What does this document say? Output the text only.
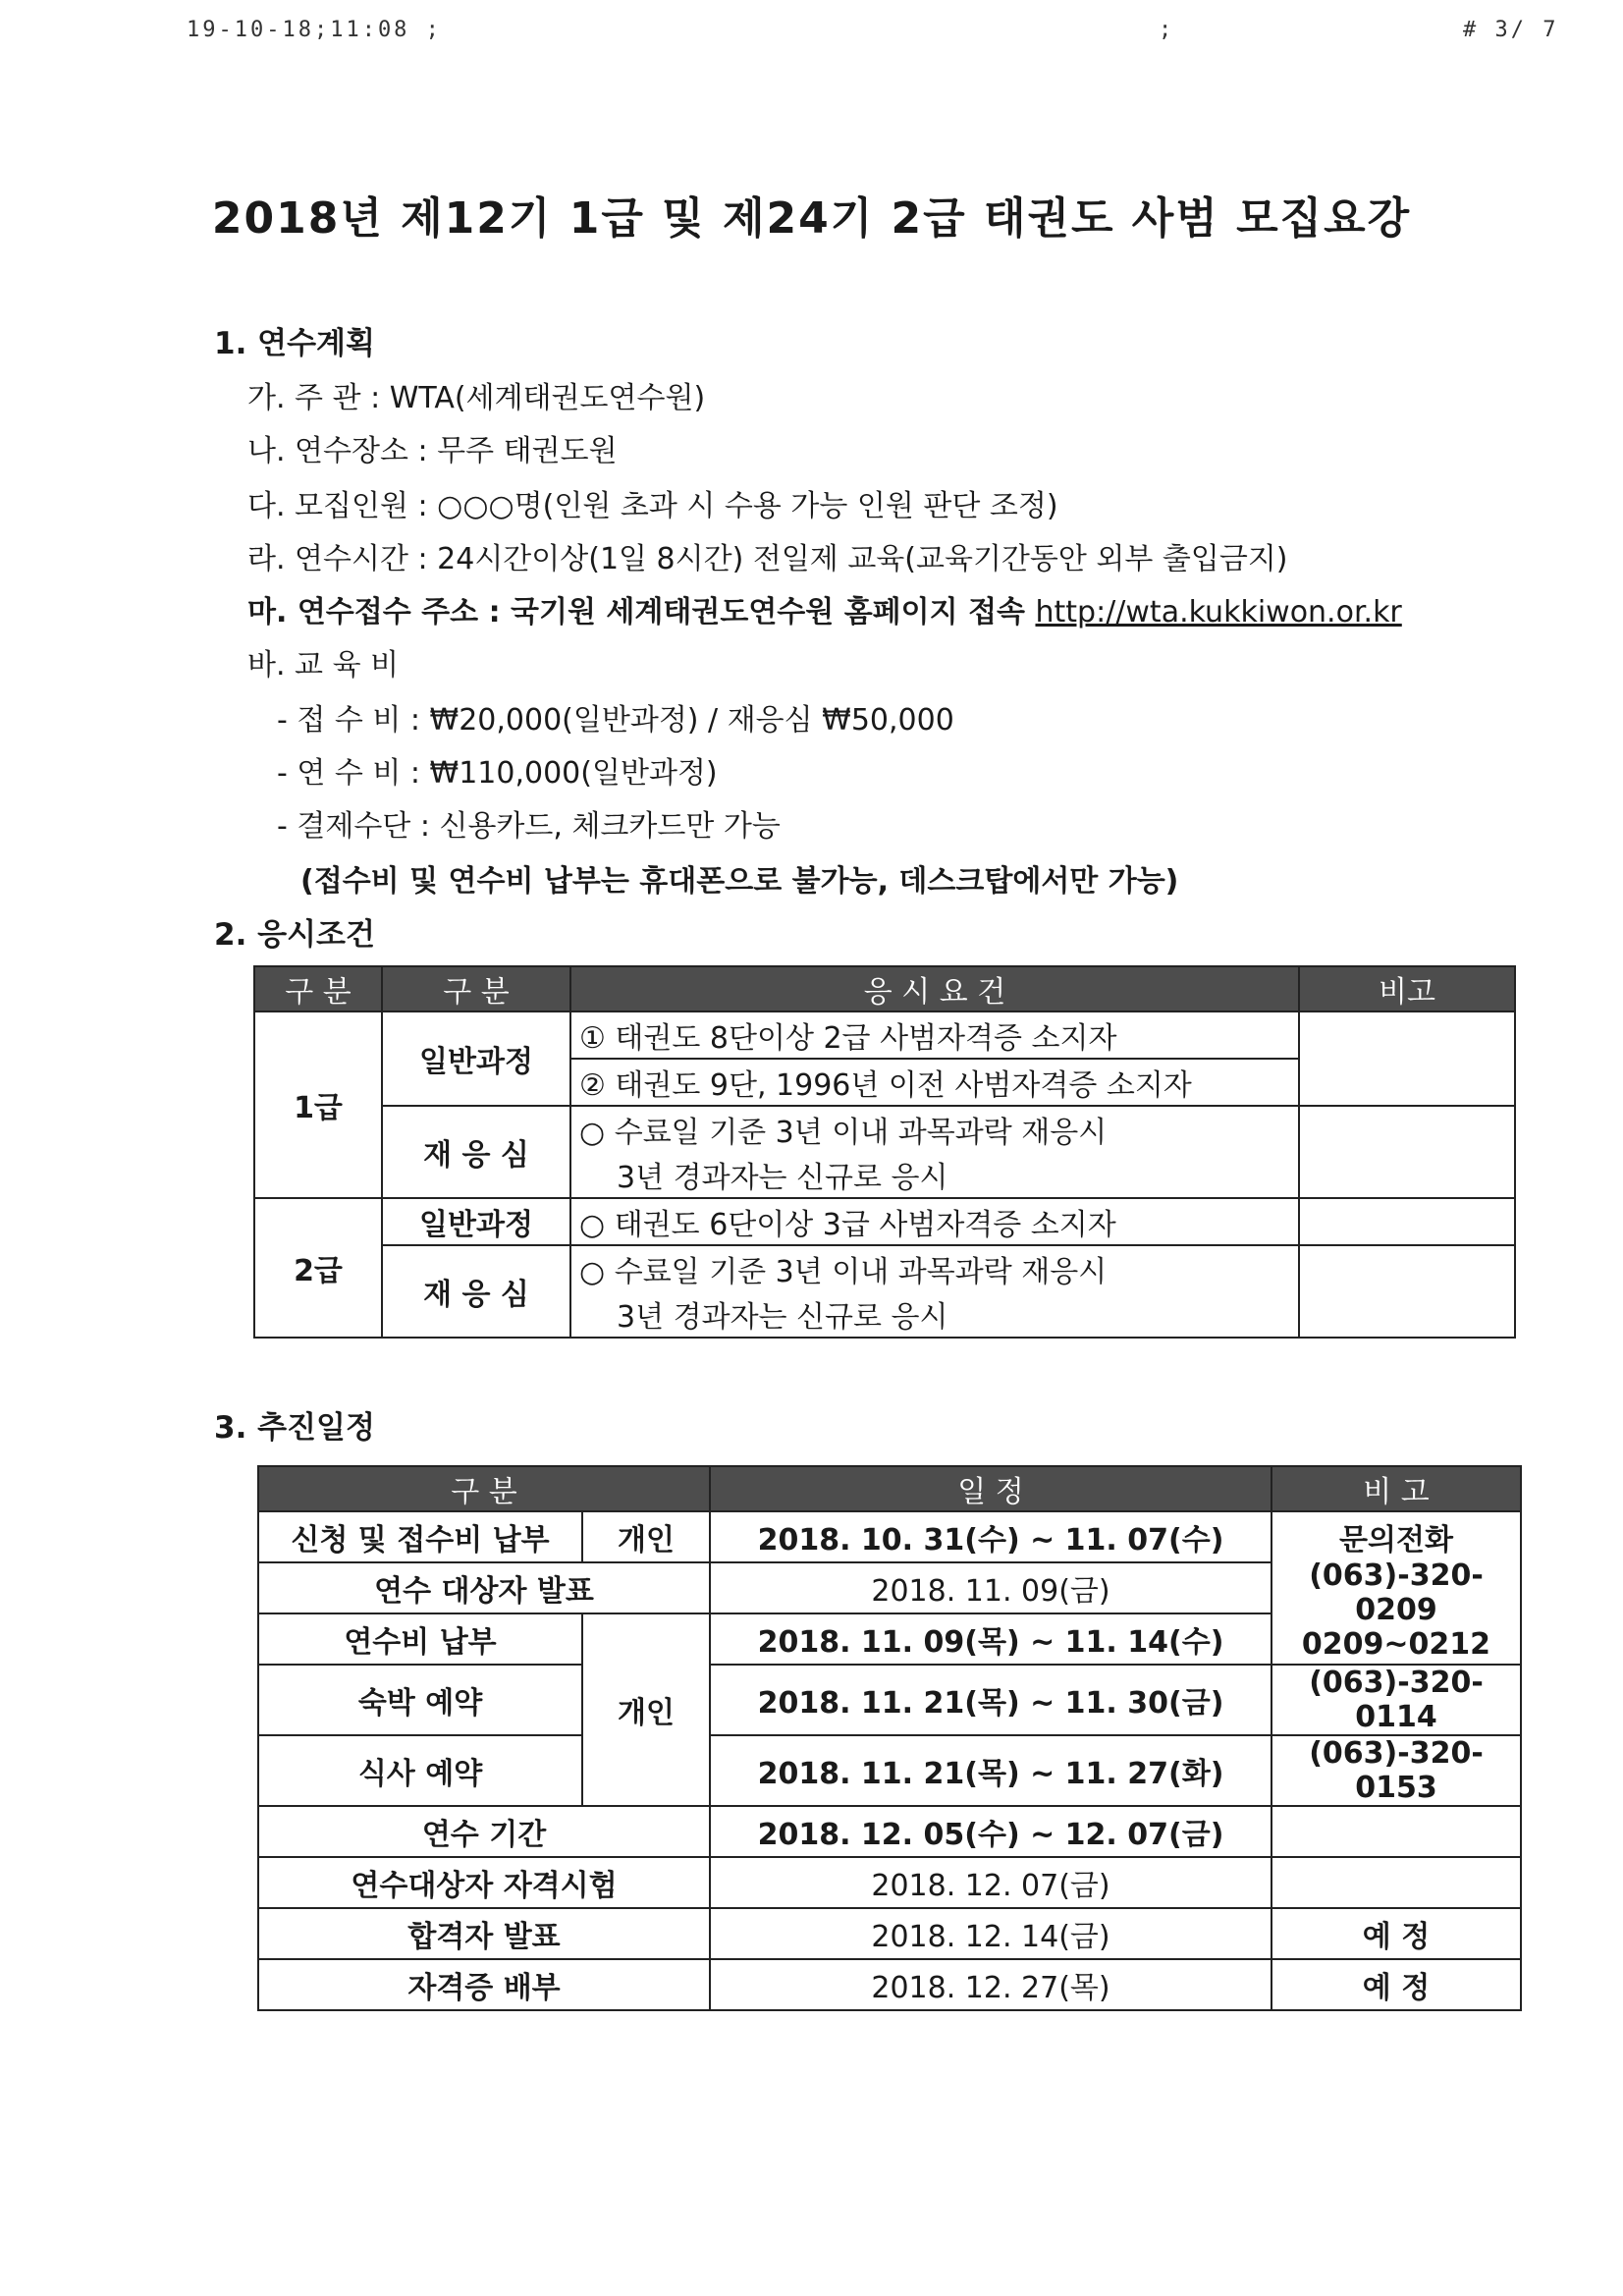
19-10-18;11:08 ;	;	# 3/ 7
2018년 제12기 1급 및 제24기 2급 태권도 사범 모집요강
1. 연수계획
가. 주 관 : WTA(세계태권도연수원)
나. 연수장소 : 무주 태권도원
다. 모집인원 : ○○○명(인원 초과 시 수용 가능 인원 판단 조정)
라. 연수시간 : 24시간이상(1일 8시간) 전일제 교육(교육기간동안 외부 출입금지)
마. 연수접수 주소 : 국기원 세계태권도연수원 홈페이지 접속 http://wta.kukkiwon.or.kr
바. 교 육 비
- 접 수 비 : ₩20,000(일반과정) / 재응심 ₩50,000
- 연 수 비 : ₩110,000(일반과정)
- 결제수단 : 신용카드, 체크카드만 가능
(접수비 및 연수비 납부는 휴대폰으로 불가능, 데스크탑에서만 가능)
2. 응시조건
구 분	구 분	응 시 요 건	비고
1급	일반과정	① 태권도 8단이상 2급 사범자격증 소지자	
		② 태권도 9단, 1996년 이전 사범자격증 소지자	
	재 응 심	○ 수료일 기준 3년 이내 과목과락 재응시	
		3년 경과자는 신규로 응시	
2급	일반과정	○ 태권도 6단이상 3급 사범자격증 소지자	
	재 응 심	○ 수료일 기준 3년 이내 과목과락 재응시	
		3년 경과자는 신규로 응시	
3. 추진일정
구 분		일 정	비 고
신청 및 접수비 납부	개인	2018. 10. 31(수) ~ 11. 07(수)	문의전화
(063)-320-0209
0209~0212

연수 대상자 발표		2018. 11. 09(금)	
연수비 납부	개인	2018. 11. 09(목) ~ 11. 14(수)	
숙박 예약		2018. 11. 21(목) ~ 11. 30(금)	(063)-320-0114
식사 예약		2018. 11. 21(목) ~ 11. 27(화)	(063)-320-0153
연수 기간		2018. 12. 05(수) ~ 12. 07(금)	
연수대상자 자격시험		2018. 12. 07(금)	
합격자 발표		2018. 12. 14(금)	예 정
자격증 배부		2018. 12. 27(목)	예 정
